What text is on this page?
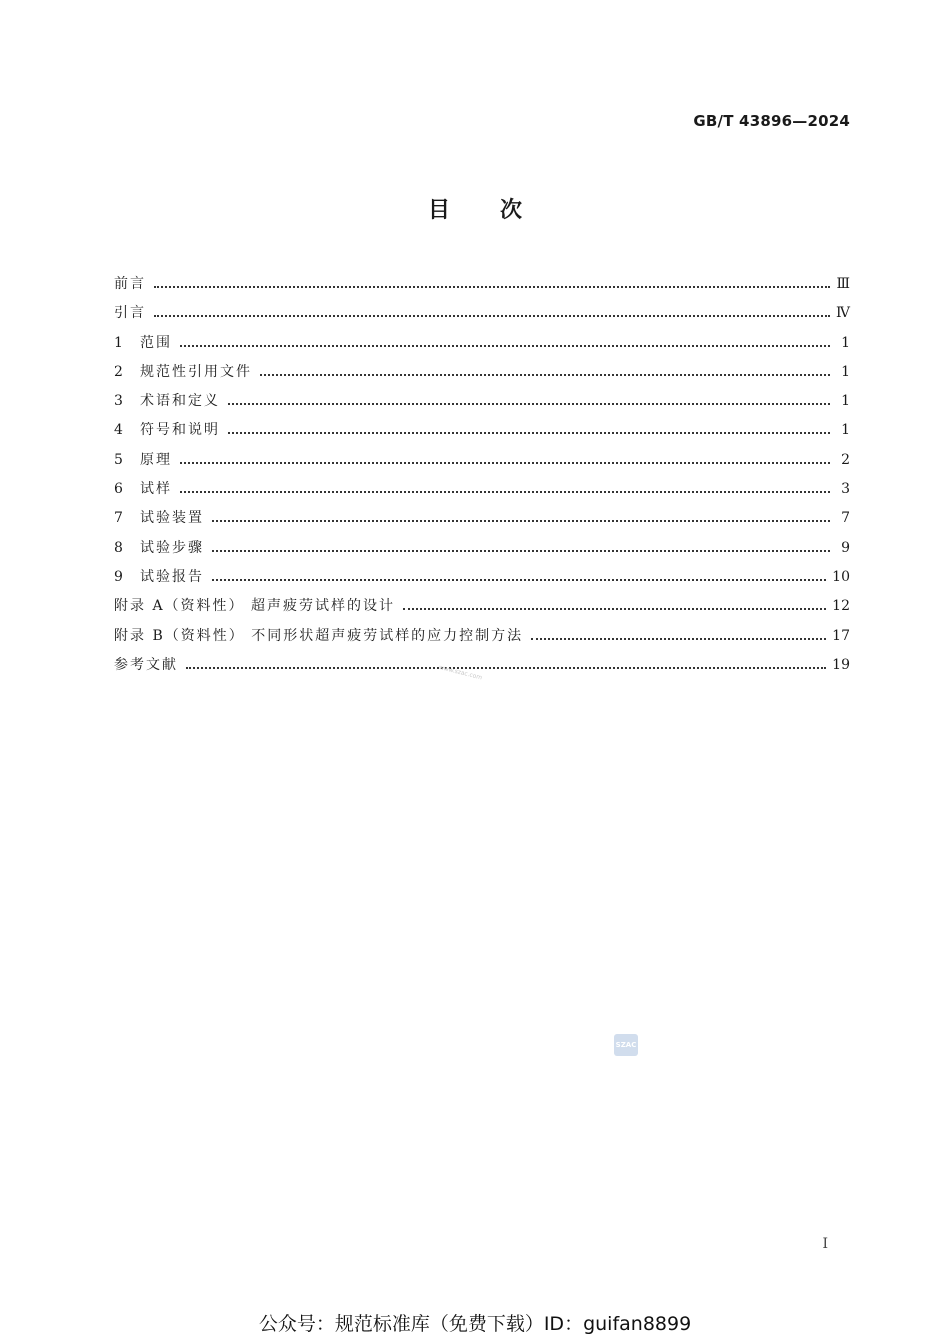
GB/T 43896—2024
目次
前言	Ⅲ
引言	Ⅳ
1	范围	1
2	规范性引用文件	1
3	术语和定义	1
4	符号和说明	1
5	原理	2
6	试样	3
7	试验装置	7
8	试验步骤	9
9	试验报告	10
附录 A（资料性） 超声疲劳试样的设计	12
附录 B（资料性） 不同形状超声疲劳试样的应力控制方法	17
参考文献	19
www.szac.com
SZAC
I
公众号：规范标准库（免费下载）ID：guifan8899
